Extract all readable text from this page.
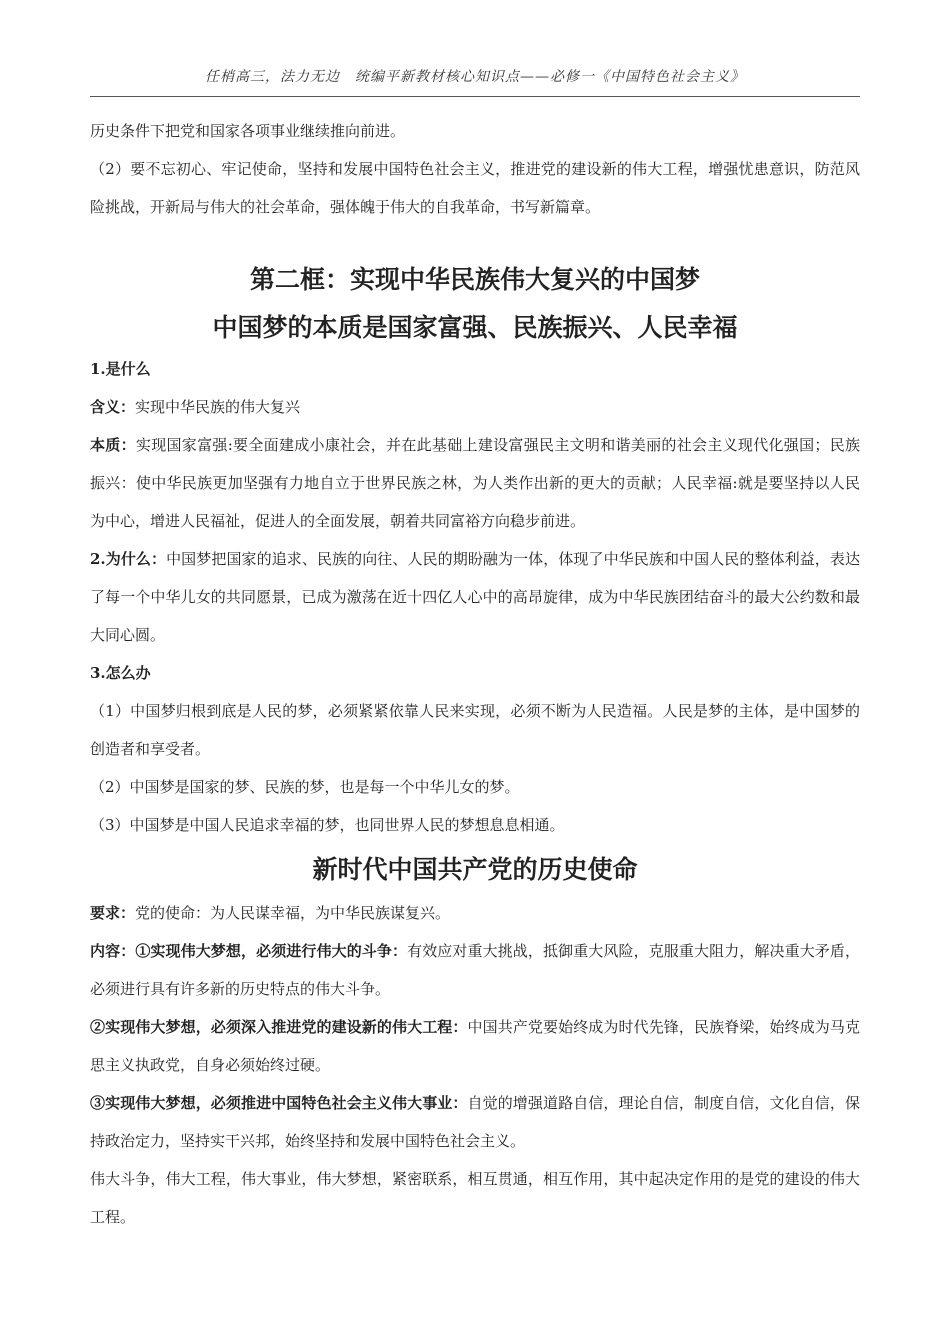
任梢高三，法力无边　统编平新教材核心知识点——必修一《中国特色社会主义》

历史条件下把党和国家各项事业继续推向前进。

（2）要不忘初心、牢记使命，坚持和发展中国特色社会主义，推进党的建设新的伟大工程，增强忧患意识，防范风险挑战，开新局与伟大的社会革命，强体魄于伟大的自我革命，书写新篇章。

第二框：实现中华民族伟大复兴的中国梦
中国梦的本质是国家富强、民族振兴、人民幸福
1.是什么

含义：实现中华民族的伟大复兴

本质：实现国家富强:要全面建成小康社会，并在此基础上建设富强民主文明和谐美丽的社会主义现代化强国；民族振兴：使中华民族更加坚强有力地自立于世界民族之林，为人类作出新的更大的贡献；人民幸福:就是要坚持以人民为中心，增进人民福祉，促进人的全面发展，朝着共同富裕方向稳步前进。

2.为什么：中国梦把国家的追求、民族的向往、人民的期盼融为一体，体现了中华民族和中国人民的整体利益，表达了每一个中华儿女的共同愿景，已成为激荡在近十四亿人心中的高昂旋律，成为中华民族团结奋斗的最大公约数和最大同心圆。

3.怎么办

（1）中国梦归根到底是人民的梦，必须紧紧依靠人民来实现，必须不断为人民造福。人民是梦的主体，是中国梦的创造者和享受者。

（2）中国梦是国家的梦、民族的梦，也是每一个中华儿女的梦。

（3）中国梦是中国人民追求幸福的梦，也同世界人民的梦想息息相通。

新时代中国共产党的历史使命

要求：党的使命：为人民谋幸福，为中华民族谋复兴。

内容：①实现伟大梦想，必须进行伟大的斗争：有效应对重大挑战，抵御重大风险，克服重大阻力，解决重大矛盾，必须进行具有许多新的历史特点的伟大斗争。

②实现伟大梦想，必须深入推进党的建设新的伟大工程：中国共产党要始终成为时代先锋，民族脊梁，始终成为马克思主义执政党，自身必须始终过硬。

③实现伟大梦想，必须推进中国特色社会主义伟大事业：自觉的增强道路自信，理论自信，制度自信，文化自信，保持政治定力，坚持实干兴邦，始终坚持和发展中国特色社会主义。

伟大斗争，伟大工程，伟大事业，伟大梦想，紧密联系，相互贯通，相互作用，其中起决定作用的是党的建设的伟大工程。
